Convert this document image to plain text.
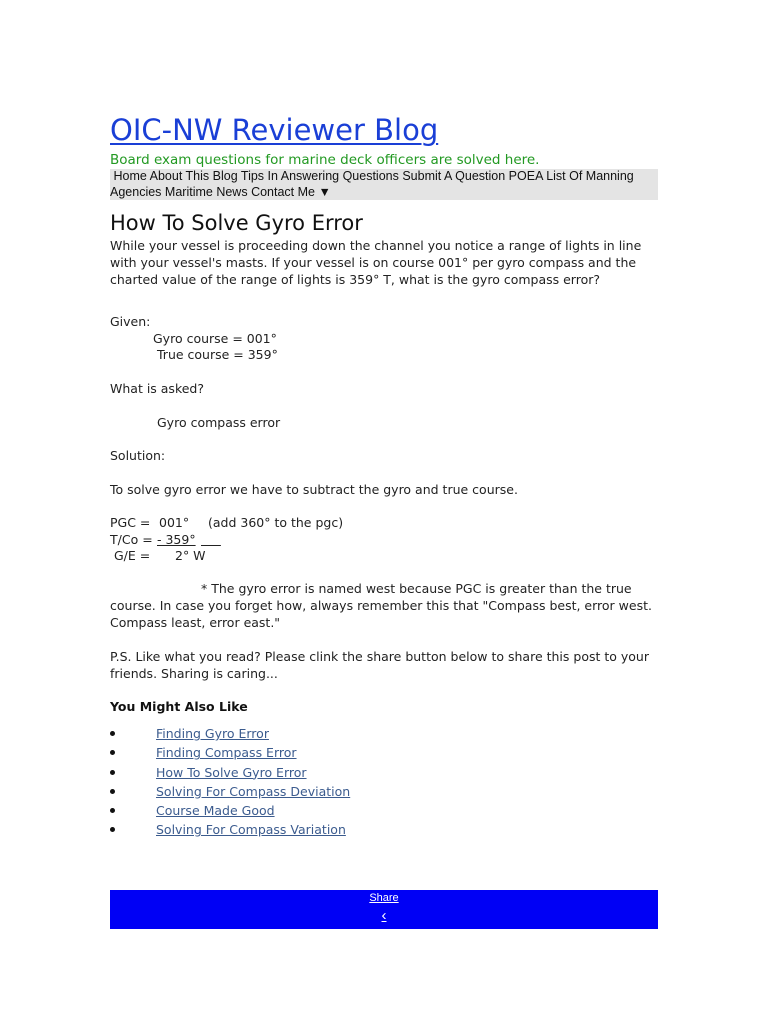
OIC-NW Reviewer Blog
Board exam questions for marine deck officers are solved here.
Home About This Blog Tips In Answering Questions Submit A Question POEA List Of Manning Agencies Maritime News Contact Me ▼
How To Solve Gyro Error
While your vessel is proceeding down the channel you notice a range of lights in line with your vessel's masts. If your vessel is on course 001° per gyro compass and the charted value of the range of lights is 359° T, what is the gyro compass error?
Given:
Gyro course = 001°
True course = 359°
What is asked?
Gyro compass error
Solution:
To solve gyro error we have to subtract the gyro and true course.
PGC = 001° (add 360° to the pgc)
T/Co = - 359°

G/E = 2° W
* The gyro error is named west because PGC is greater than the true course. In case you forget how, always remember this that "Compass best, error west. Compass least, error east."
P.S. Like what you read? Please clink the share button below to share this post to your friends. Sharing is caring...
You Might Also Like
Finding Gyro Error
Finding Compass Error
How To Solve Gyro Error
Solving For Compass Deviation
Course Made Good
Solving For Compass Variation
Share
‹
